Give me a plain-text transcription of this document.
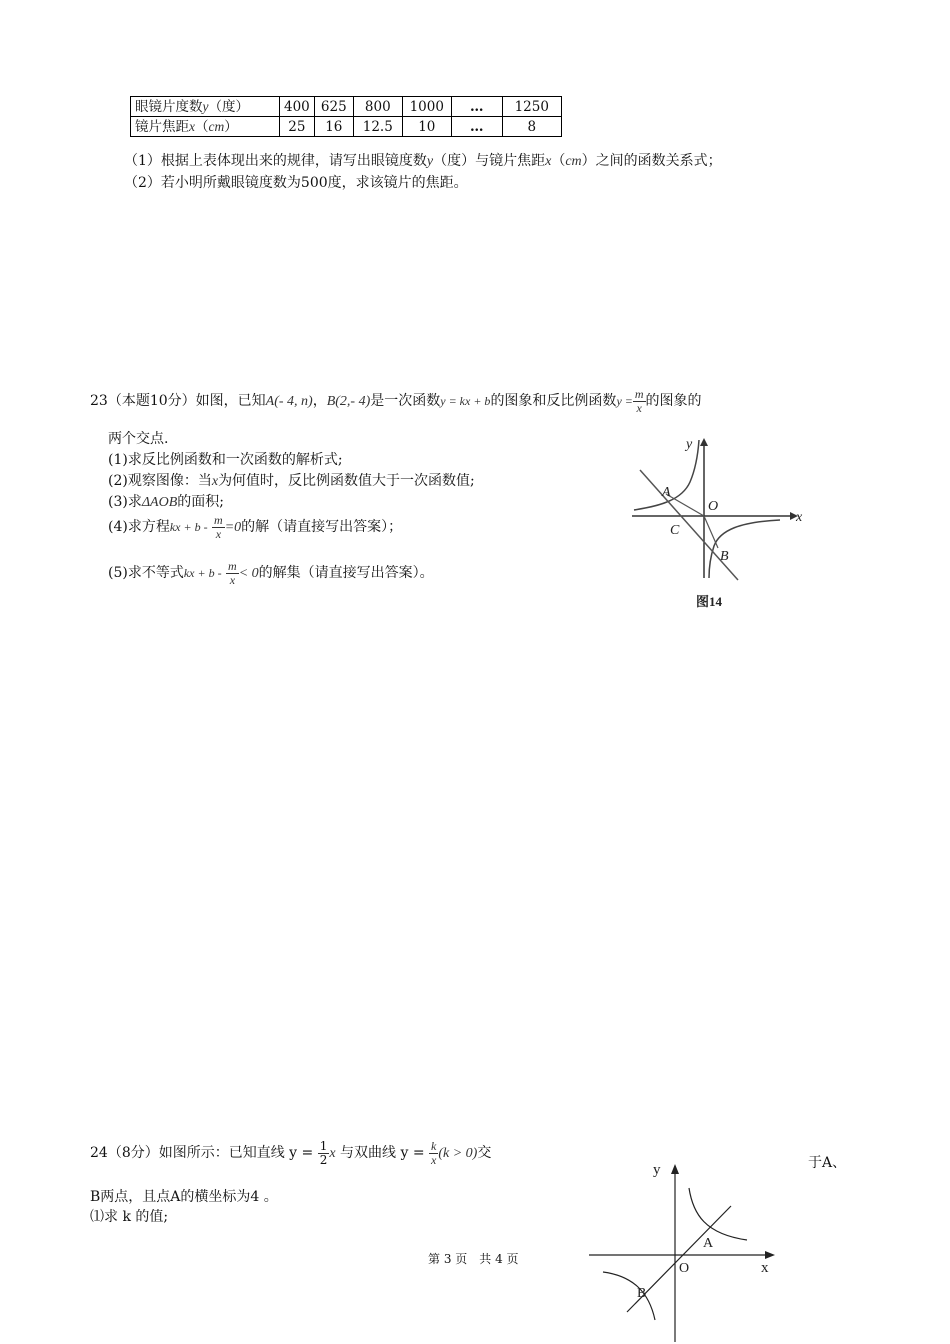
眼镜片度数y（度）	400	625	800	1000	…	1250
镜片焦距x（cm）	25	16	12.5	10	…	8
（1）根据上表体现出来的规律，请写出眼镜度数y（度）与镜片焦距x（cm）之间的函数关系式；
（2）若小明所戴眼镜度数为500度，求该镜片的焦距。
23（本题10分）如图，已知A(- 4, n)，B(2,- 4)是一次函数y = kx + b的图象和反比例函数$y = \frac{m}{x}$ 的图象的
两个交点.
(1)求反比例函数和一次函数的解析式;
(2)观察图像：当x为何值时，反比例函数值大于一次函数值;
(3)求ΔAOB的面积;
(4)求方程kx + $b - \frac{m}{x} =0$的解（请直接写出答案）；
(5)求不等式kx + $b - \frac{m}{x} < 0$的解集（请直接写出答案）。
y
x
A
O
C
B
图14
24（8分）如图所示：已知直线 $y = \frac{1}{2}$ x 与双曲线 $y = \frac{k}{x} (k > 0)$交
于A、
B两点，且点A的横坐标为4 。
⑴求 k 的值;
y
x
A
O
B
第 3 页　共 4 页
